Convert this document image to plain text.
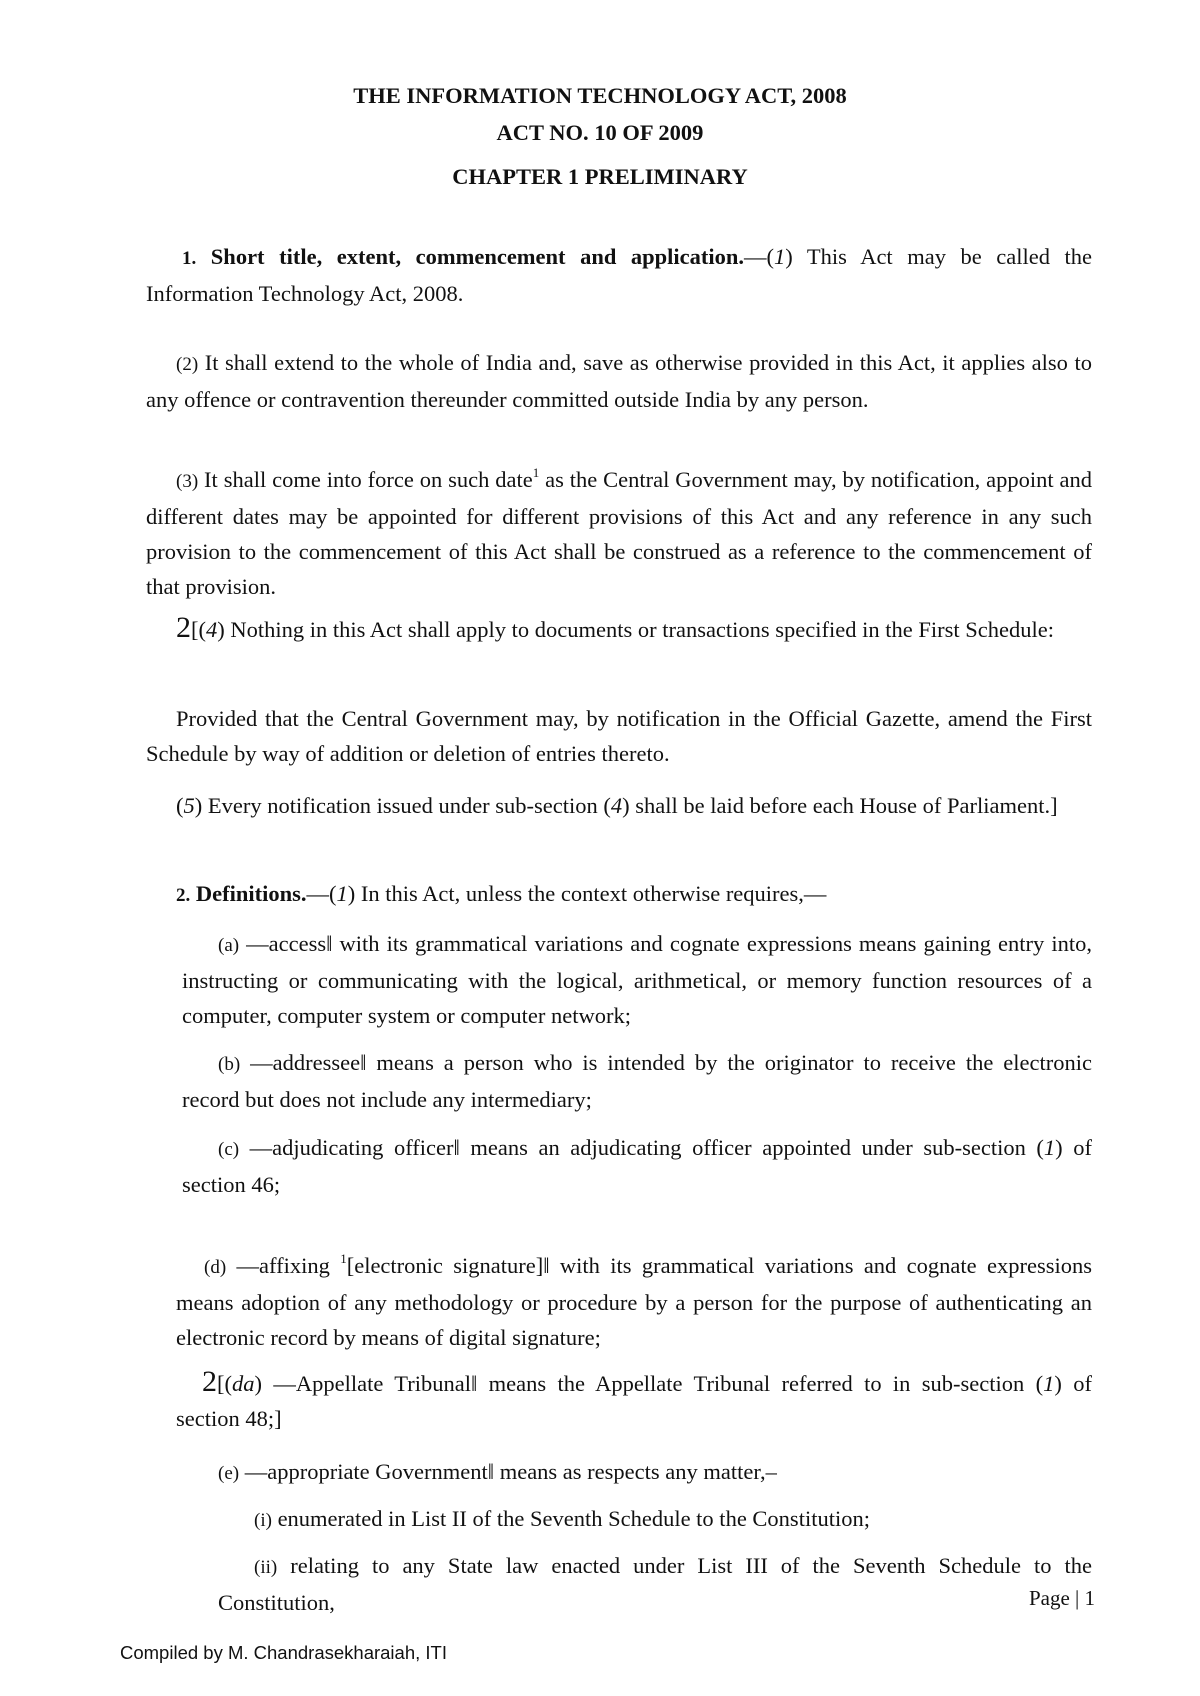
THE INFORMATION TECHNOLOGY ACT, 2008

ACT NO. 10 OF 2009

CHAPTER 1 PRELIMINARY

1. Short title, extent, commencement and application.—(1) This Act may be called the Information Technology Act, 2008.

(2) It shall extend to the whole of India and, save as otherwise provided in this Act, it applies also to any offence or contravention thereunder committed outside India by any person.

(3) It shall come into force on such date$^1$ as the Central Government may, by notification, appoint and different dates may be appointed for different provisions of this Act and any reference in any such provision to the commencement of this Act shall be construed as a reference to the commencement of that provision.

2[(4) Nothing in this Act shall apply to documents or transactions specified in the First Schedule:

Provided that the Central Government may, by notification in the Official Gazette, amend the First Schedule by way of addition or deletion of entries thereto.

(5) Every notification issued under sub-section (4) shall be laid before each House of Parliament.]

2. Definitions.—(1) In this Act, unless the context otherwise requires,—

(a) ―access‖ with its grammatical variations and cognate expressions means gaining entry into, instructing or communicating with the logical, arithmetical, or memory function resources of a computer, computer system or computer network;

(b) ―addressee‖ means a person who is intended by the originator to receive the electronic record but does not include any intermediary;

(c) ―adjudicating officer‖ means an adjudicating officer appointed under sub-section (1) of section 46;

(d) ―affixing $^1$[electronic signature]‖ with its grammatical variations and cognate expressions means adoption of any methodology or procedure by a person for the purpose of authenticating an electronic record by means of digital signature;

2[(da) ―Appellate Tribunal‖ means the Appellate Tribunal referred to in sub-section (1) of section 48;]

(e) ―appropriate Government‖ means as respects any matter,–

(i) enumerated in List II of the Seventh Schedule to the Constitution;

(ii) relating to any State law enacted under List III of the Seventh Schedule to the Constitution,	Page | 1
Compiled by M. Chandrasekharaiah, ITI
